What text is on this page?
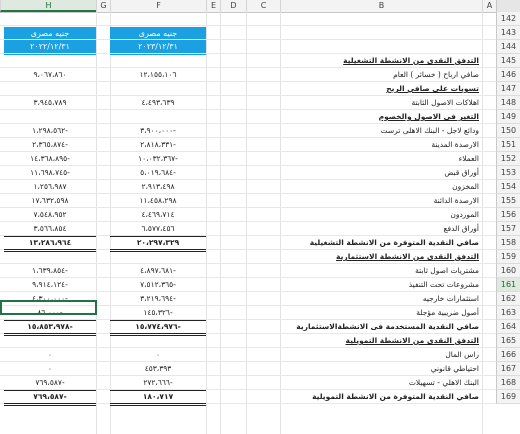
H	G	F	E	D	C	B	A
جنيه مصرى
٢٠٢٢/١٢/٣١
جنيه مصرى
٢٠٢٣/١٢/٣١
142
143
144
145
146
147
148
149
150
151
152
153
154
155
156
157
158
159
160
161
162
163
164
165
166
167
168
169
التدفق النقدى من الانشطة التشغيلية
صافي ارباح ( خسائر ) العام
٩،٠٦٧،٨٦٠	١٢،١٥٥،١٠٦
تسويات على صافي الربح
اهلاكات الاصول الثابتة
٣،٩٤٥،٧٨٩	٤،٤٩٣،٦٣٩
التغير فى الاصول والخصوم
ودائع لاجل - البنك الاهلى ترست
١،٢٩٨،٥٦٢-	٣،٩٠٠،٠٠٠-
الارصدة المدينة
٢،٣٦٥،٨٧٤-	٢،٨١٨،٣٣١-
العملاء
١٤،٣٦٨،٨٩٥-	١٠،٠٣٢،٣٦٧-
أوراق قبض
١١،٦٩٨،٧٤٥-	٥،٠١٩،٦٨٤-
المخزون
١،٢٥٦،٩٨٧	٢،٩١٣،٤٩٨
الارصدة الدائنة
١٧،٦٣٢،٥٩٨	١١،٤٥٨،٢٩٨
الموردون
٧،٥٤٨،٩٥٢	٤،٤٦٩،٧١٤
أوراق الدفع
٣،٥٦٦،٨٥٤	٦،٥٧٧،٤٥٦
صافي النقدية المتوفرة من الانشطة التشغيلية
١٣،٢٨٦،٩٦٤	٢٠،٢٩٧،٣٢٩
التدفق النقدى من الانشطة الاستثمارية
مشتريات اصول ثابتة
١،٦٣٩،٨٥٤-	٤،٨٩٧،٦٨١-
مشروعات تحت التنفيذ
٩،٩١٤،١٢٤-	٧،٥١٢،٣٦٥-
استثمارات خارجيه
٤،٣٠٠،٠٠٠-	٣،٢١٩،٦٩٤-
أصول ضريبية مؤجلة
٨٦،٠٠٠-	١٤٥،٣٢٦-
صافي النقدية المستخدمة فى الانشطةالاستثمارية
١٥،٨٥٣،٩٧٨-	١٥،٧٧٤،٩٧٦-
التدفق النقدى من الانشطة التمويلية
راس المال
٠	٠
احتياطي قانوني
٠	٤٥٣،٣٩٣
البنك الاهلي - تسهيلات
٧٦٩،٥٨٧-	٢٧٢،٦٦٦-
صافي النقدية المتوفرة من الانشطة التمويلية
٧٦٩،٥٨٧-	١٨٠،٧١٧
